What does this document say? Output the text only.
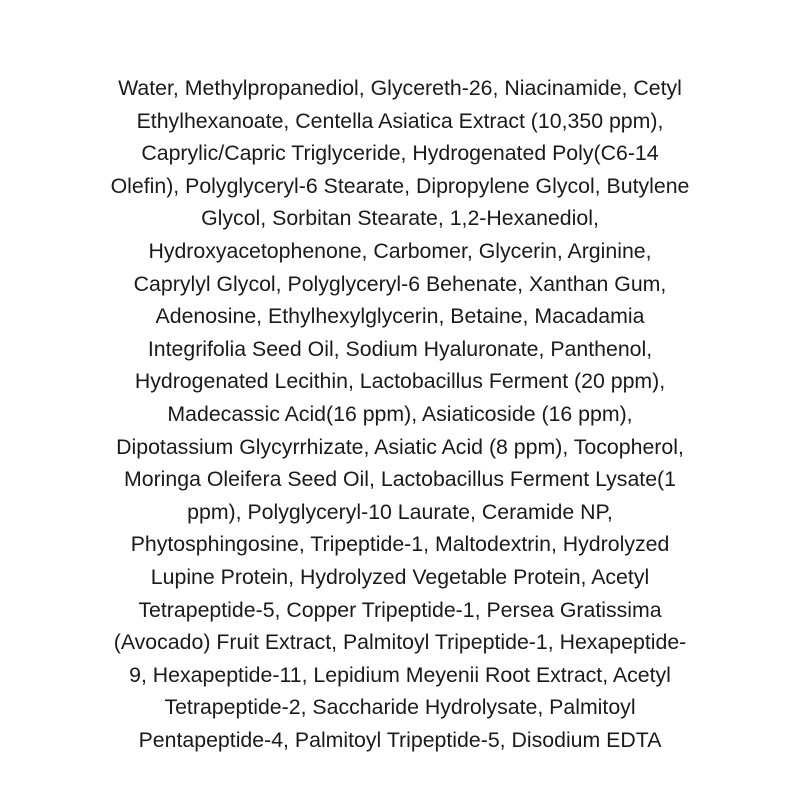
Water, Methylpropanediol, Glycereth-26, Niacinamide, Cetyl
Ethylhexanoate, Centella Asiatica Extract (10,350 ppm),
Caprylic/Capric Triglyceride, Hydrogenated Poly(C6-14
Olefin), Polyglyceryl-6 Stearate, Dipropylene Glycol, Butylene
Glycol, Sorbitan Stearate, 1,2-Hexanediol,
Hydroxyacetophenone, Carbomer, Glycerin, Arginine,
Caprylyl Glycol, Polyglyceryl-6 Behenate, Xanthan Gum,
Adenosine, Ethylhexylglycerin, Betaine, Macadamia
Integrifolia Seed Oil, Sodium Hyaluronate, Panthenol,
Hydrogenated Lecithin, Lactobacillus Ferment (20 ppm),
Madecassic Acid(16 ppm), Asiaticoside (16 ppm),
Dipotassium Glycyrrhizate, Asiatic Acid (8 ppm), Tocopherol,
Moringa Oleifera Seed Oil, Lactobacillus Ferment Lysate(1
ppm), Polyglyceryl-10 Laurate, Ceramide NP,
Phytosphingosine, Tripeptide-1, Maltodextrin, Hydrolyzed
Lupine Protein, Hydrolyzed Vegetable Protein, Acetyl
Tetrapeptide-5, Copper Tripeptide-1, Persea Gratissima
(Avocado) Fruit Extract, Palmitoyl Tripeptide-1, Hexapeptide-
9, Hexapeptide-11, Lepidium Meyenii Root Extract, Acetyl
Tetrapeptide-2, Saccharide Hydrolysate, Palmitoyl
Pentapeptide-4, Palmitoyl Tripeptide-5, Disodium EDTA
